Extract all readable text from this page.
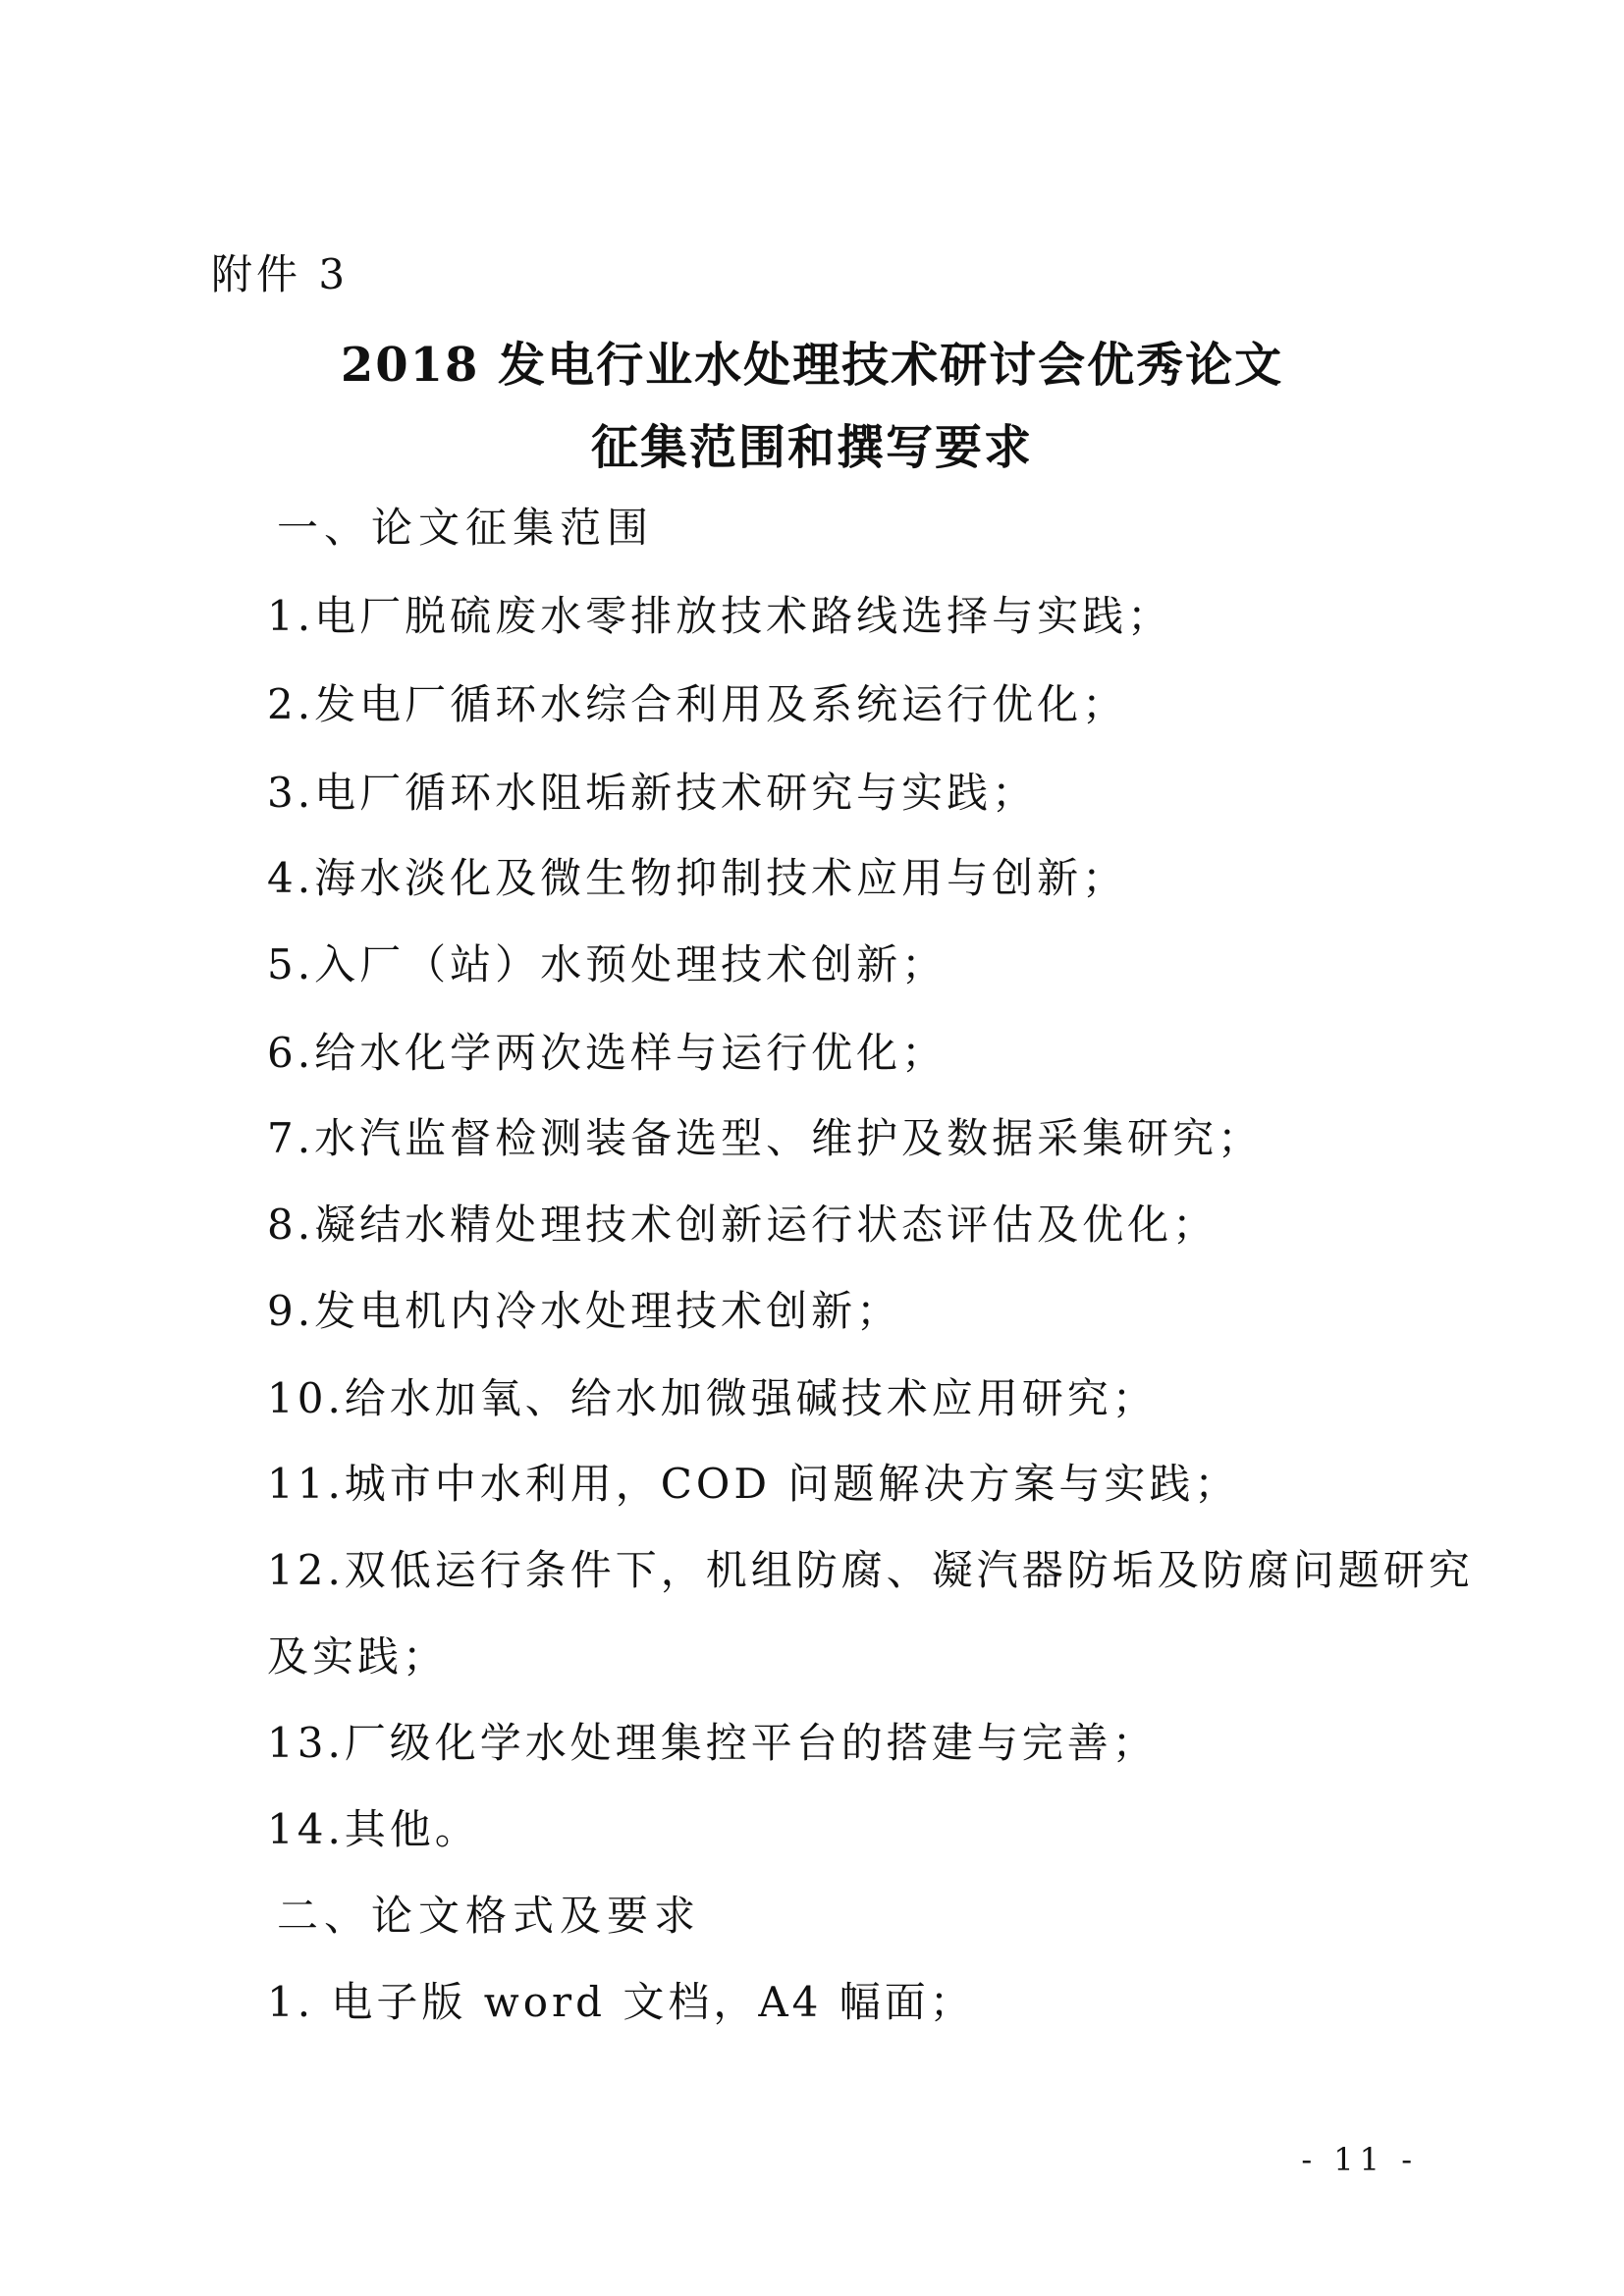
附件 3
2018 发电行业水处理技术研讨会优秀论文
征集范围和撰写要求
一、论文征集范围
1.电厂脱硫废水零排放技术路线选择与实践；
2.发电厂循环水综合利用及系统运行优化；
3.电厂循环水阻垢新技术研究与实践；
4.海水淡化及微生物抑制技术应用与创新；
5.入厂（站）水预处理技术创新；
6.给水化学两次选样与运行优化；
7.水汽监督检测装备选型、维护及数据采集研究；
8.凝结水精处理技术创新运行状态评估及优化；
9.发电机内冷水处理技术创新；
10.给水加氧、给水加微强碱技术应用研究；
11.城市中水利用，COD 问题解决方案与实践；
12.双低运行条件下，机组防腐、凝汽器防垢及防腐问题研究
及实践；
13.厂级化学水处理集控平台的搭建与完善；
14.其他。
二、论文格式及要求
1. 电子版 word 文档，A4 幅面；
- 11 -
